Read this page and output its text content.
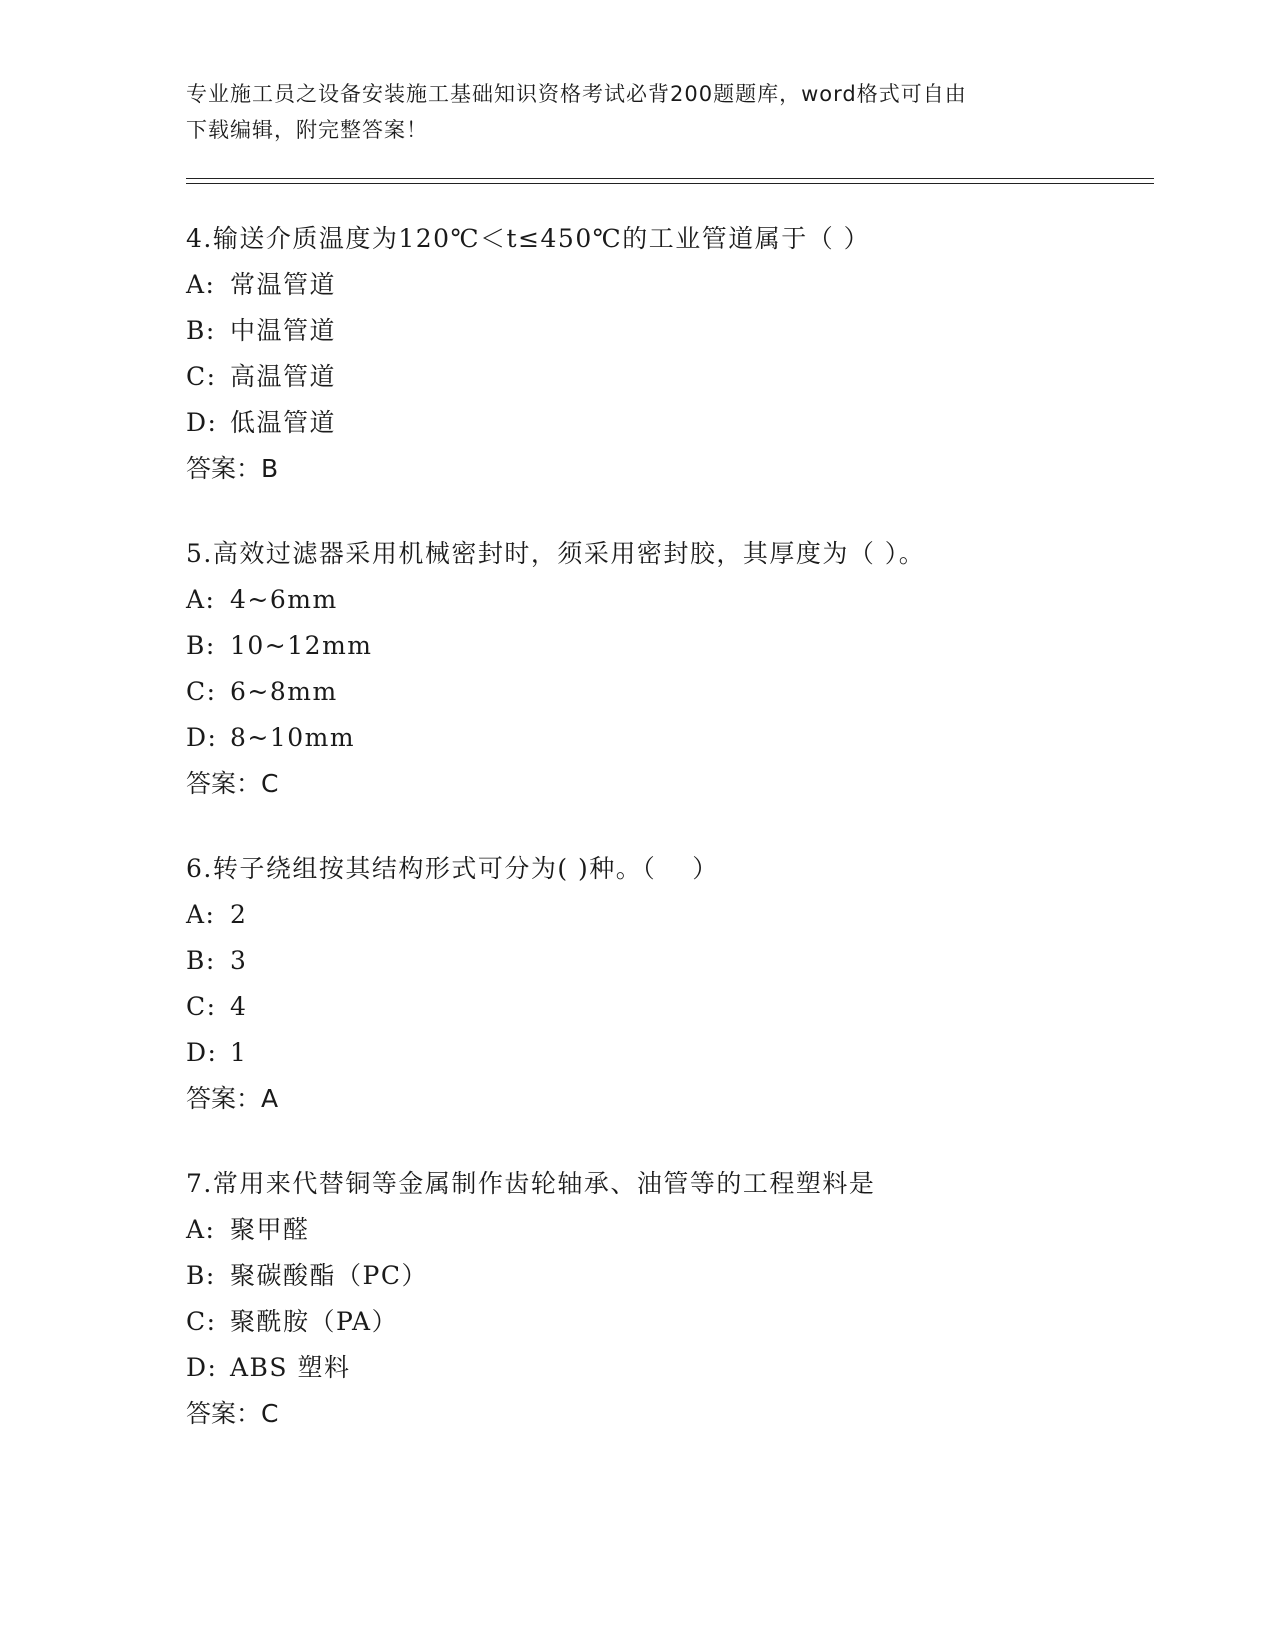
专业施工员之设备安装施工基础知识资格考试必背200题题库，word格式可自由
下载编辑，附完整答案！
4.输送介质温度为120℃＜t≤450℃的工业管道属于（ ）
A: 常温管道
B: 中温管道
C: 高温管道
D: 低温管道
答案：B
5.高效过滤器采用机械密封时，须采用密封胶，其厚度为（ ）。
A: 4~6mm
B: 10~12mm
C: 6~8mm
D: 8~10mm
答案：C
6.转子绕组按其结构形式可分为( )种。（　 ）
A: 2
B: 3
C: 4
D: 1
答案：A
7.常用来代替铜等金属制作齿轮轴承、油管等的工程塑料是
A: 聚甲醛
B: 聚碳酸酯（PC）
C: 聚酰胺（PA）
D: ABS 塑料
答案：C
